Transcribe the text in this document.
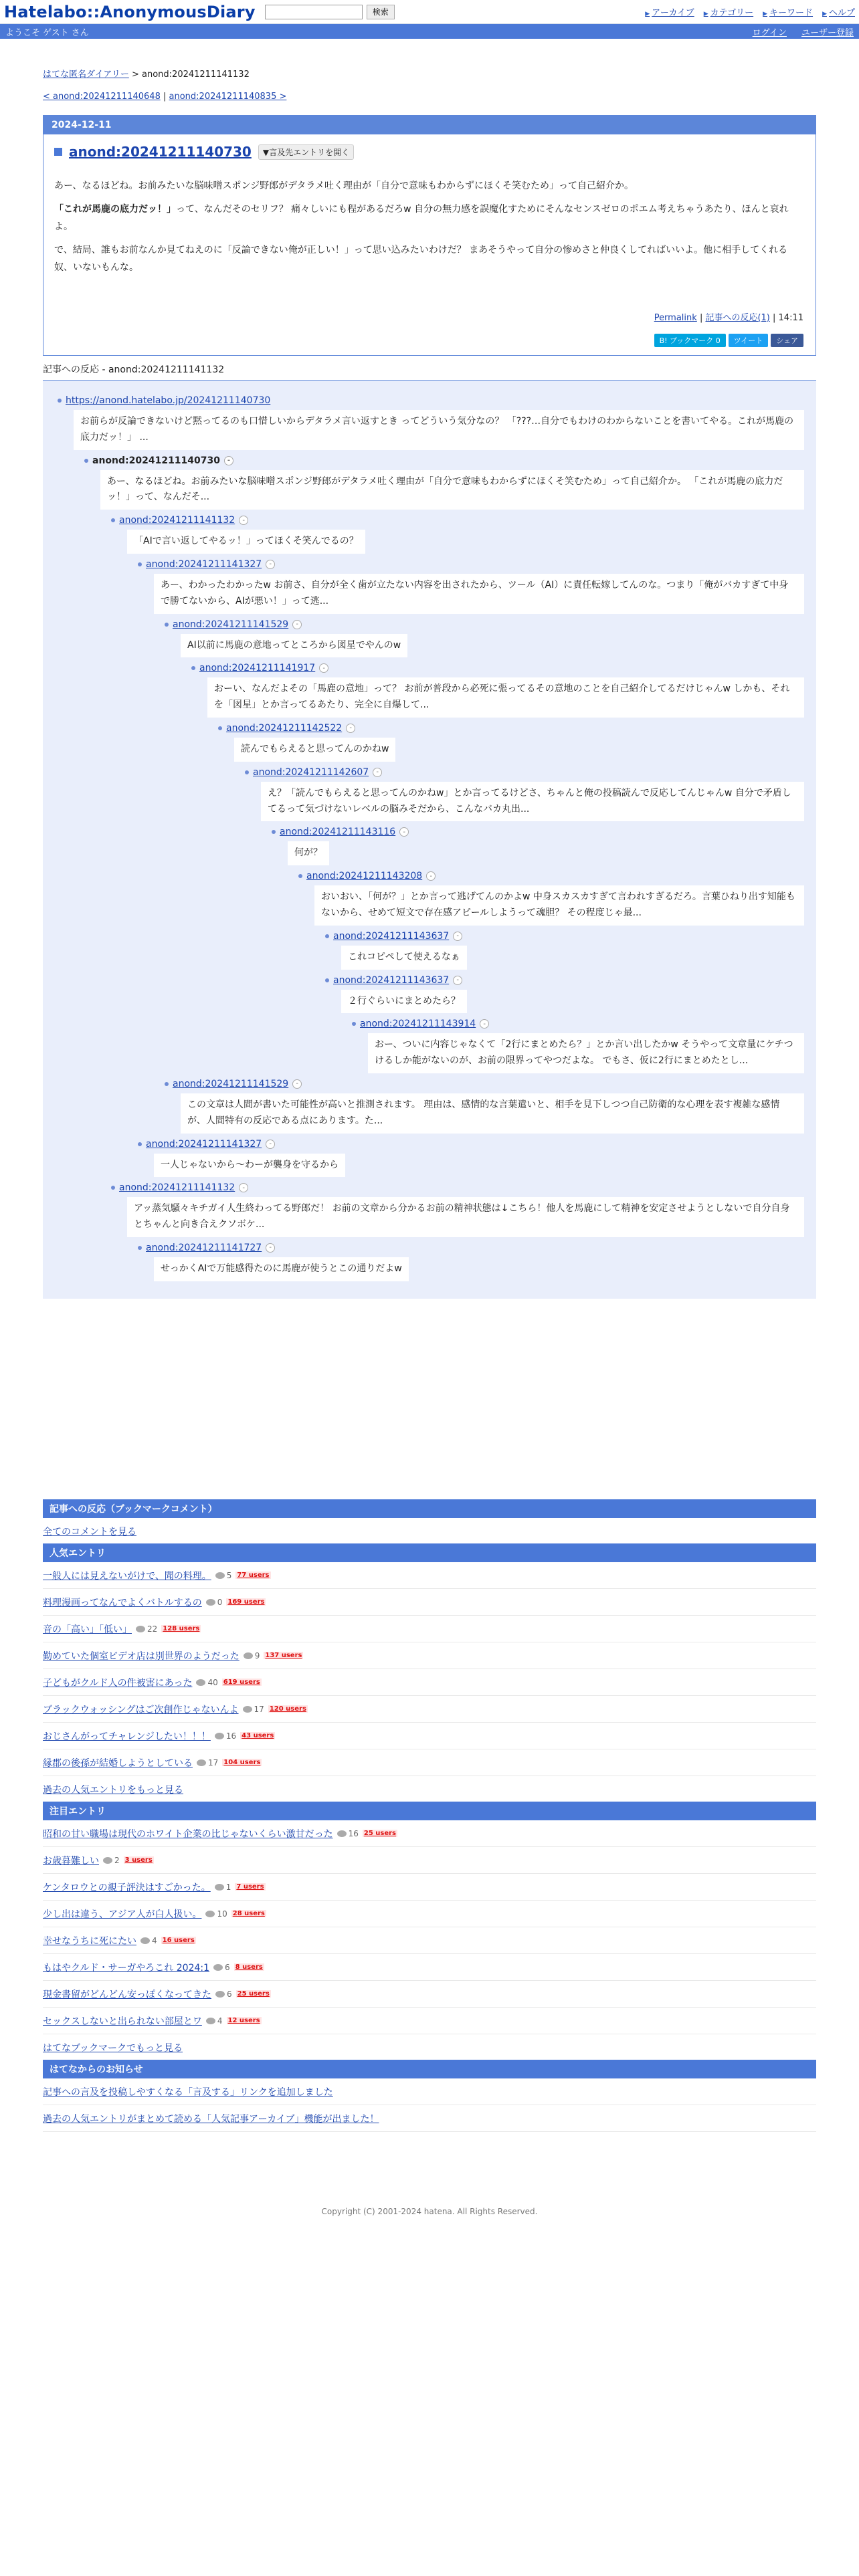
Hatelabo::AnonymousDiary	検索	▶ アーカイブ	▶ カテゴリー	▶ キーワード	▶ ヘルプ
ようこそ ゲスト さん	ログイン ユーザー登録
はてな匿名ダイアリー > anond:20241211141132
< anond:20241211140648 | anond:20241211140835 >
2024-12-11
anond:20241211140730	▼言及先エントリを開く

あー、なるほどね。お前みたいな脳味噌スポンジ野郎がデタラメ吐く理由が「自分で意味もわからずにほくそ笑むため」って自己紹介か。

「これが馬鹿の底力だッ！」って、なんだそのセリフ？ 痛々しいにも程があるだろw 自分の無力感を誤魔化すためにそんなセンスゼロのポエム考えちゃうあたり、ほんと哀れよ。

で、結局、誰もお前なんか見てねえのに「反論できない俺が正しい！」って思い込みたいわけだ？ まあそうやって自分の惨めさと仲良くしてればいいよ。他に相手してくれる奴、いないもんな。

Permalink | 記事への反応(1) | 14:11
B! ブックマーク 0	ツイート	シェア
記事への反応 - anond:20241211141132
https://anond.hatelabo.jp/20241211140730
お前らが反論できないけど黙ってるのも口惜しいからデタラメ言い返すとき ってどういう気分なの？ 「???…自分でもわけのわからないことを書いてやる。これが馬鹿の底力だッ！」 ...
anond:20241211140730	-
あー、なるほどね。お前みたいな脳味噌スポンジ野郎がデタラメ吐く理由が「自分で意味もわからずにほくそ笑むため」って自己紹介か。 「これが馬鹿の底力だッ！」って、なんだそ...
anond:20241211141132	-
「AIで言い返してやるッ！」ってほくそ笑んでるの？
anond:20241211141327	-
あー、わかったわかったw お前さ、自分が全く歯が立たない内容を出されたから、ツール（AI）に責任転嫁してんのな。つまり「俺がバカすぎて中身で勝てないから、AIが悪い！」って逃...
anond:20241211141529	-
AI以前に馬鹿の意地ってところから図星でやんのw
anond:20241211141917	-
おーい、なんだよその「馬鹿の意地」って？ お前が普段から必死に張ってるその意地のことを自己紹介してるだけじゃんw しかも、それを「図星」とか言ってるあたり、完全に自爆して...
anond:20241211142522	-
読んでもらえると思ってんのかねw
anond:20241211142607	-
え？「読んでもらえると思ってんのかねw」とか言ってるけどさ、ちゃんと俺の投稿読んで反応してんじゃんw 自分で矛盾してるって気づけないレベルの脳みそだから、こんなバカ丸出...
anond:20241211143116	-
何が？
anond:20241211143208	-
おいおい、「何が？」とか言って逃げてんのかよw 中身スカスカすぎて言われすぎるだろ。言葉ひねり出す知能もないから、せめて短文で存在感アピールしようって魂胆？ その程度じゃ最...
anond:20241211143637	-
これコピペして使えるなぁ
anond:20241211143637	-
２行ぐらいにまとめたら？
anond:20241211143914	-
おー、ついに内容じゃなくて「2行にまとめたら？」とか言い出したかw そうやって文章量にケチつけるしか能がないのが、お前の限界ってやつだよな。 でもさ、仮に2行にまとめたとし...
anond:20241211141529	-
この文章は人間が書いた可能性が高いと推測されます。 理由は、感情的な言葉遣いと、相手を見下しつつ自己防衛的な心理を表す複雑な感情が、人間特有の反応である点にあります。た...
anond:20241211141327	-
一人じゃないから〜わーが襲身を守るから
anond:20241211141132	-
アッ蒸気騒々キチガイ人生終わってる野郎だ！ お前の文章から分かるお前の精神状態は↓こちら！他人を馬鹿にして精神を安定させようとしないで自分自身とちゃんと向き合えクソボケ...
anond:20241211141727	-
せっかくAIで万能感得たのに馬鹿が使うとこの通りだよw
記事への反応（ブックマークコメント）
全てのコメントを見る
人気エントリ
一般人には見えないがけで、聞の料理。 5 77 users
料理漫画ってなんでよくバトルするの 0 169 users
音の「高い」「低い」 22 128 users
勤めていた個室ビデオ店は別世界のようだった 9 137 users
子どもがクルド人の件被害にあった 40 619 users
ブラックウォッシングはご次創作じゃないんよ 17 120 users
おじさんがってチャレンジしたい！！！ 16 43 users
縁郡の後孫が結婚しようとしている 17 104 users
過去の人気エントリをもっと見る
注目エントリ
昭和の甘い職場は現代のホワイト企業の比じゃないくらい激甘だった 16 25 users
お歳暮難しい 2 3 users
ケンタロウとの親子評決はすごかった。 1 7 users
少し出は違う、アジア人が白人扱い。 10 28 users
幸せなうちに死にたい 4 16 users
もはやクルド・サーガやろこれ 2024:1 6 8 users
現金書留がどんどん安っぽくなってきた 6 25 users
セックスしないと出られない部屋とワ 4 12 users
はてなブックマークでもっと見る
はてなからのお知らせ
記事への言及を投稿しやすくなる「言及する」リンクを追加しました
過去の人気エントリがまとめて読める「人気記事アーカイブ」機能が出ました！
Copyright (C) 2001-2024 hatena. All Rights Reserved.
